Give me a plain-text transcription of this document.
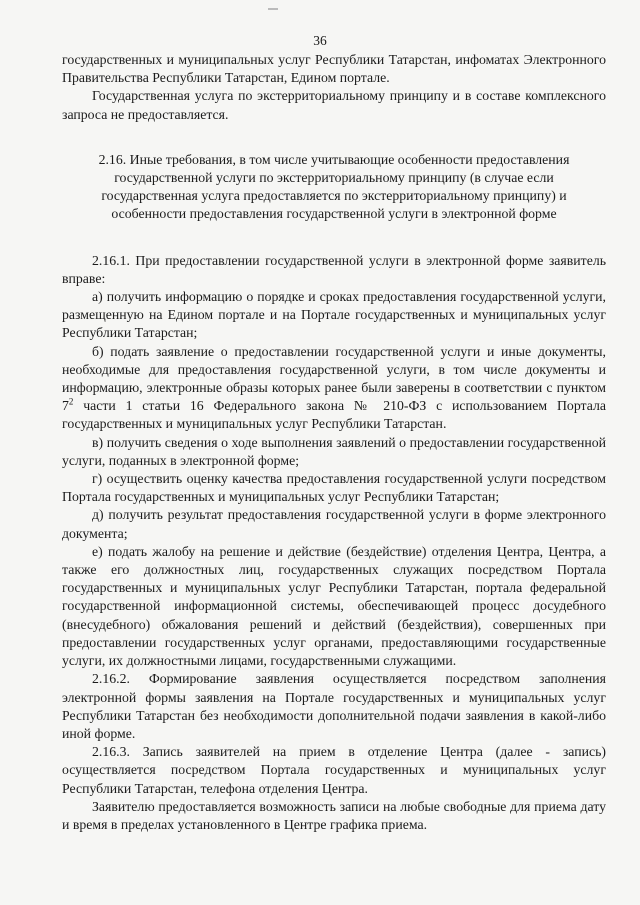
36

государственных и муниципальных услуг Республики Татарстан, инфоматах Электронного Правительства Республики Татарстан, Едином портале.

Государственная услуга по экстерриториальному принципу и в составе комплексного запроса не предоставляется.

2.16. Иные требования, в том числе учитывающие особенности предоставления государственной услуги по экстерриториальному принципу (в случае если государственная услуга предоставляется по экстерриториальному принципу) и особенности предоставления государственной услуги в электронной форме

2.16.1. При предоставлении государственной услуги в электронной форме заявитель вправе:

а) получить информацию о порядке и сроках предоставления государственной услуги, размещенную на Едином портале и на Портале государственных и муниципальных услуг Республики Татарстан;

б) подать заявление о предоставлении государственной услуги и иные документы, необходимые для предоставления государственной услуги, в том числе документы и информацию, электронные образы которых ранее были заверены в соответствии с пунктом $7^2$ части 1 статьи 16 Федерального закона № 210-ФЗ с использованием Портала государственных и муниципальных услуг Республики Татарстан.

в) получить сведения о ходе выполнения заявлений о предоставлении государственной услуги, поданных в электронной форме;

г) осуществить оценку качества предоставления государственной услуги посредством Портала государственных и муниципальных услуг Республики Татарстан;

д) получить результат предоставления государственной услуги в форме электронного документа;

е) подать жалобу на решение и действие (бездействие) отделения Центра, Центра, а также его должностных лиц, государственных служащих посредством Портала государственных и муниципальных услуг Республики Татарстан, портала федеральной государственной информационной системы, обеспечивающей процесс досудебного (внесудебного) обжалования решений и действий (бездействия), совершенных при предоставлении государственных услуг органами, предоставляющими государственные услуги, их должностными лицами, государственными служащими.

2.16.2. Формирование заявления осуществляется посредством заполнения электронной формы заявления на Портале государственных и муниципальных услуг Республики Татарстан без необходимости дополнительной подачи заявления в какой-либо иной форме.

2.16.3. Запись заявителей на прием в отделение Центра (далее - запись) осуществляется посредством Портала государственных и муниципальных услуг Республики Татарстан, телефона отделения Центра.

Заявителю предоставляется возможность записи на любые свободные для приема дату и время в пределах установленного в Центре графика приема.
